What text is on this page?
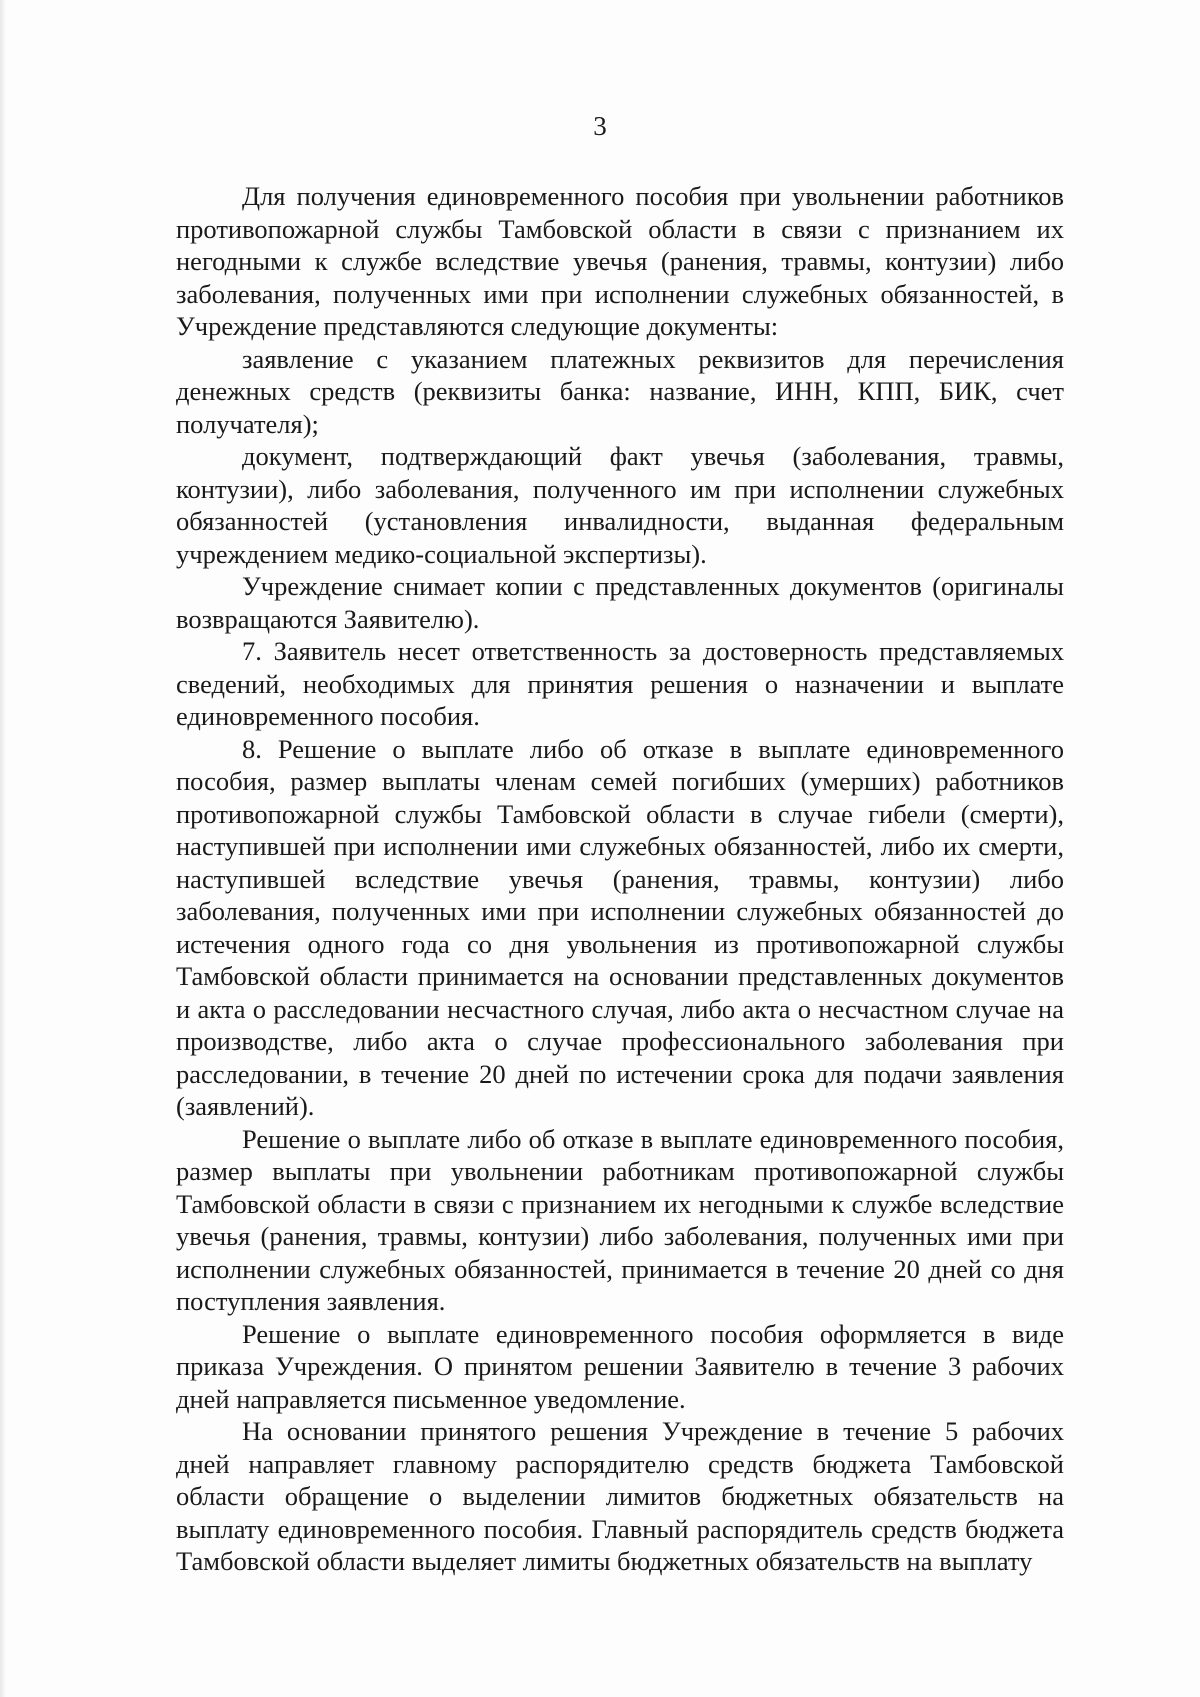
3

Для получения единовременного пособия при увольнении работников противопожарной службы Тамбовской области в связи с признанием их негодными к службе вследствие увечья (ранения, травмы, контузии) либо заболевания, полученных ими при исполнении служебных обязанностей, в Учреждение представляются следующие документы:

заявление с указанием платежных реквизитов для перечисления денежных средств (реквизиты банка: название, ИНН, КПП, БИК, счет получателя);

документ, подтверждающий факт увечья (заболевания, травмы, контузии), либо заболевания, полученного им при исполнении служебных обязанностей (установления инвалидности, выданная федеральным учреждением медико-социальной экспертизы).

Учреждение снимает копии с представленных документов (оригиналы возвращаются Заявителю).

7. Заявитель несет ответственность за достоверность представляемых сведений, необходимых для принятия решения о назначении и выплате единовременного пособия.

8. Решение о выплате либо об отказе в выплате единовременного пособия, размер выплаты членам семей погибших (умерших) работников противопожарной службы Тамбовской области в случае гибели (смерти), наступившей при исполнении ими служебных обязанностей, либо их смерти, наступившей вследствие увечья (ранения, травмы, контузии) либо заболевания, полученных ими при исполнении служебных обязанностей до истечения одного года со дня увольнения из противопожарной службы Тамбовской области принимается на основании представленных документов и акта о расследовании несчастного случая, либо акта о несчастном случае на производстве, либо акта о случае профессионального заболевания при расследовании, в течение 20 дней по истечении срока для подачи заявления (заявлений).

Решение о выплате либо об отказе в выплате единовременного пособия, размер выплаты при увольнении работникам противопожарной службы Тамбовской области в связи с признанием их негодными к службе вследствие увечья (ранения, травмы, контузии) либо заболевания, полученных ими при исполнении служебных обязанностей, принимается в течение 20 дней со дня поступления заявления.

Решение о выплате единовременного пособия оформляется в виде приказа Учреждения. О принятом решении Заявителю в течение 3 рабочих дней направляется письменное уведомление.

На основании принятого решения Учреждение в течение 5 рабочих дней направляет главному распорядителю средств бюджета Тамбовской области обращение о выделении лимитов бюджетных обязательств на выплату единовременного пособия. Главный распорядитель средств бюджета Тамбовской области выделяет лимиты бюджетных обязательств на выплату
